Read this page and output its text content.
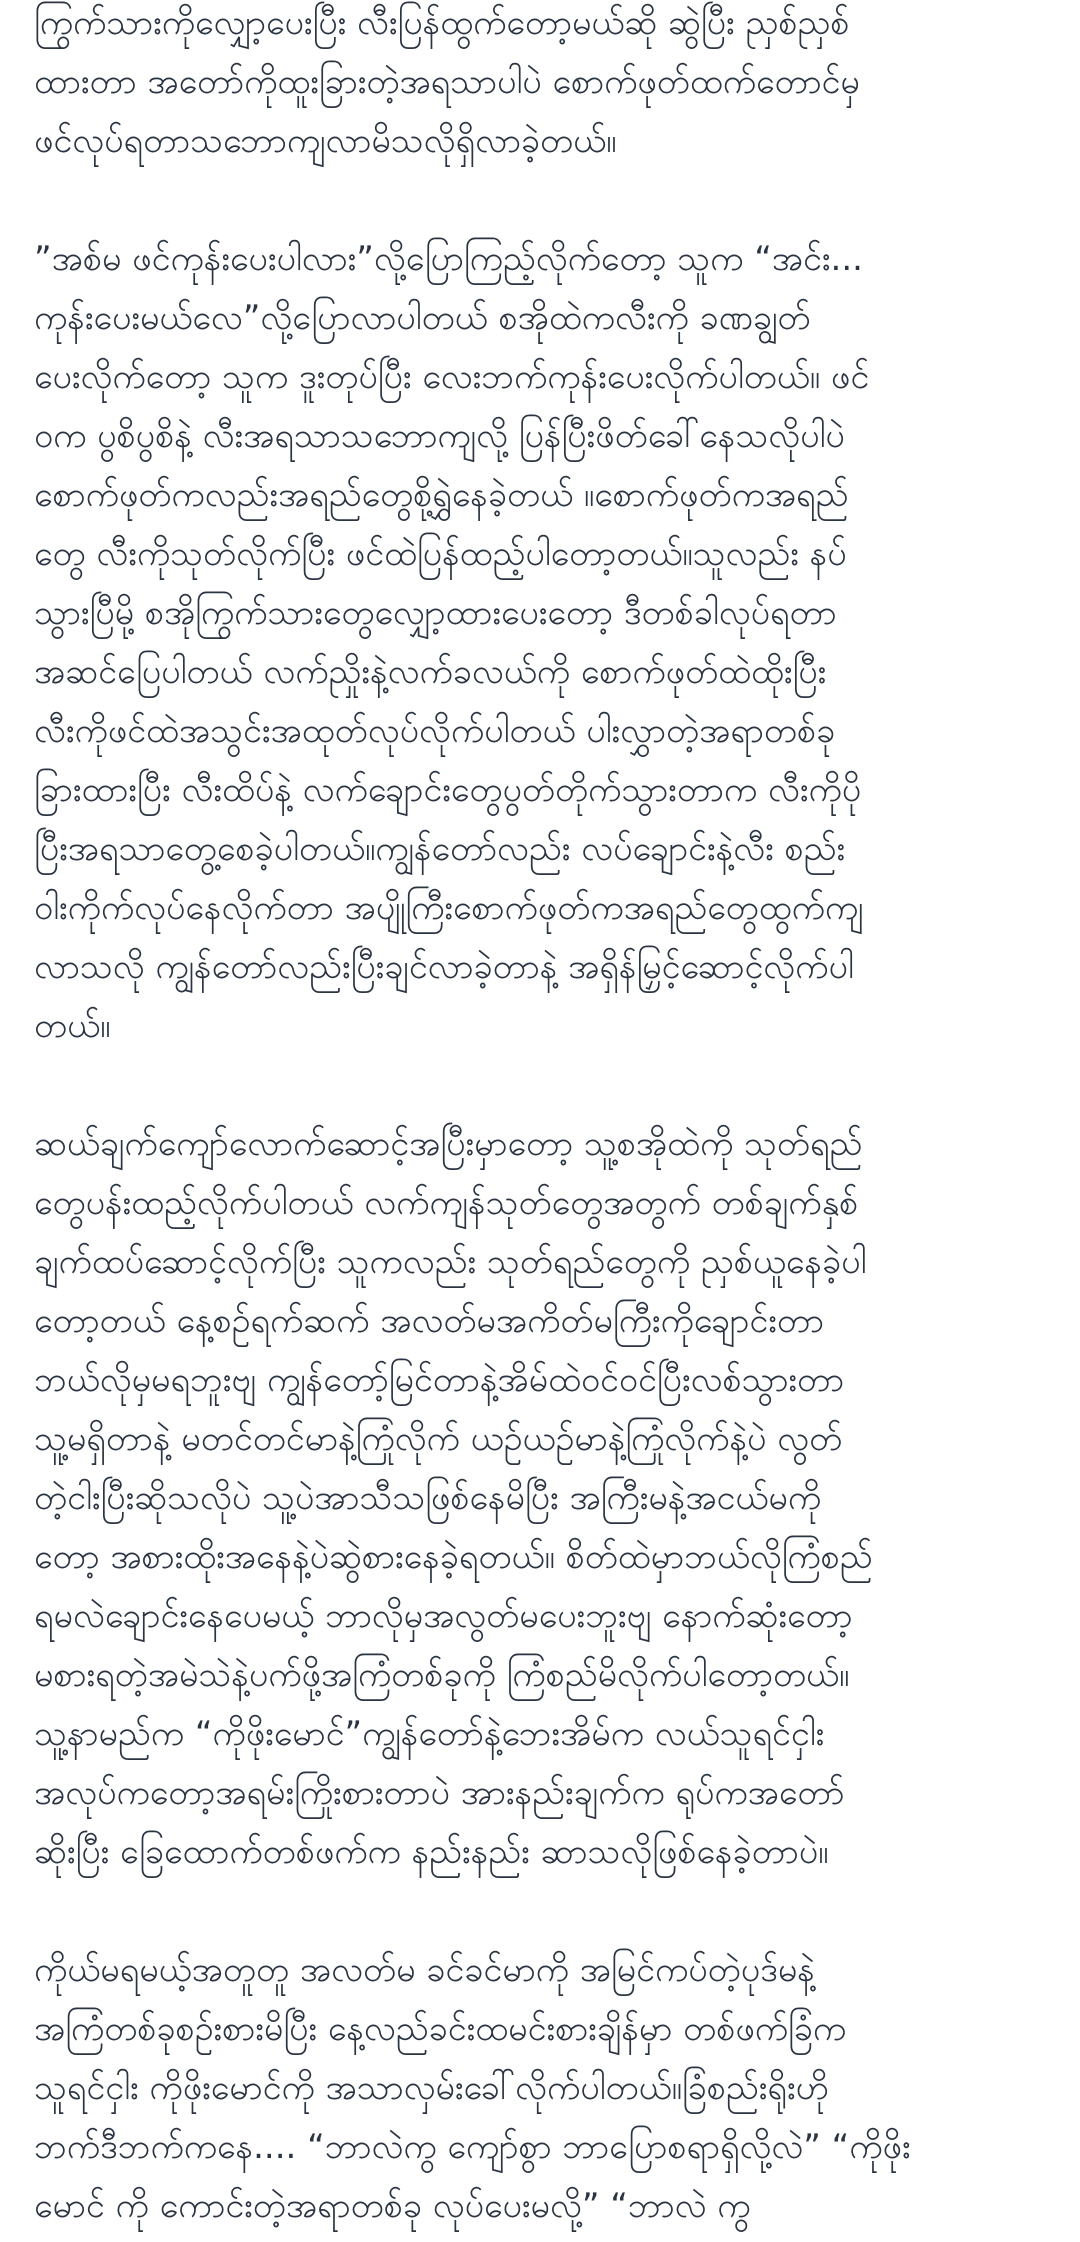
ကြွက်သားကိုလျှော့ပေးပြီး လီးပြန်ထွက်တော့မယ်ဆို ဆွဲပြီး ညှစ်ညှစ်
ထားတာ အတော်ကိုထူးခြားတဲ့အရသာပါပဲ စောက်ဖုတ်ထက်တောင်မှ
ဖင်လုပ်ရတာသဘောကျလာမိသလိုရှိလာခဲ့တယ်။
”အစ်မ ဖင်ကုန်းပေးပါလား”လို့ပြောကြည့်လိုက်တော့ သူက “အင်း...
ကုန်းပေးမယ်လေ”လို့ပြောလာပါတယ် စအိုထဲကလီးကို ခဏချွတ်
ပေးလိုက်တော့ သူက ဒူးတုပ်ပြီး လေးဘက်ကုန်းပေးလိုက်ပါတယ်။ ဖင်
ဝက ပွစိပွစိနဲ့ လီးအရသာသဘောကျလို့ ပြန်ပြီးဖိတ်ခေါ်နေသလိုပါပဲ
စောက်ဖုတ်ကလည်းအရည်တွေစို့ရွှဲနေခဲ့တယ် ။စောက်ဖုတ်ကအရည်
တွေ လီးကိုသုတ်လိုက်ပြီး ဖင်ထဲပြန်ထည့်ပါတော့တယ်။သူလည်း နပ်
သွားပြီမို့ စအိုကြွက်သားတွေလျှော့ထားပေးတော့ ဒီတစ်ခါလုပ်ရတာ
အဆင်ပြေပါတယ် လက်ညှိုးနဲ့လက်ခလယ်ကို စောက်ဖုတ်ထဲထိုးပြီး
လီးကိုဖင်ထဲအသွင်းအထုတ်လုပ်လိုက်ပါတယ် ပါးလွှာတဲ့အရာတစ်ခု
ခြားထားပြီး လီးထိပ်နဲ့ လက်ချောင်းတွေပွတ်တိုက်သွားတာက လီးကိုပို
ပြီးအရသာတွေ့စေခဲ့ပါတယ်။ကျွန်တော်လည်း လပ်ချောင်းနဲ့လီး စည်း
ဝါးကိုက်လုပ်နေလိုက်တာ အပျိုကြီးစောက်ဖုတ်ကအရည်တွေထွက်ကျ
လာသလို ကျွန်တော်လည်းပြီးချင်လာခဲ့တာနဲ့ အရှိန်မြှင့်ဆောင့်လိုက်ပါ
တယ်။
ဆယ်ချက်ကျော်လောက်ဆောင့်အပြီးမှာတော့ သူ့စအိုထဲကို သုတ်ရည်
တွေပန်းထည့်လိုက်ပါတယ် လက်ကျန်သုတ်တွေအတွက် တစ်ချက်နှစ်
ချက်ထပ်ဆောင့်လိုက်ပြီး သူကလည်း သုတ်ရည်တွေကို ညှစ်ယူနေခဲ့ပါ
တော့တယ် နေ့စဉ်ရက်ဆက် အလတ်မအကိတ်မကြီးကိုချောင်းတာ
ဘယ်လိုမှမရဘူးဗျ ကျွန်တော့်မြင်တာနဲ့အိမ်ထဲဝင်ဝင်ပြီးလစ်သွားတာ
သူ့မရှိတာနဲ့ မတင်တင်မာနဲ့ကြုံလိုက် ယဉ်ယဉ်မာနဲ့ကြုံလိုက်နဲ့ပဲ လွတ်
တဲ့ငါးပြီးဆိုသလိုပဲ သူ့ပဲအာသီသဖြစ်နေမိပြီး အကြီးမနဲ့အငယ်မကို
တော့ အစားထိုးအနေနဲ့ပဲဆွဲစားနေခဲ့ရတယ်။ စိတ်ထဲမှာဘယ်လိုကြံစည်
ရမလဲချောင်းနေပေမယ့် ဘာလိုမှအလွတ်မပေးဘူးဗျ နောက်ဆုံးတော့
မစားရတဲ့အမဲသဲနဲ့ပက်ဖို့အကြံတစ်ခုကို ကြံစည်မိလိုက်ပါတော့တယ်။
သူ့နာမည်က “ကိုဖိုးမောင်”ကျွန်တော်နဲ့ဘေးအိမ်က လယ်သူရင်ငှါး
အလုပ်ကတော့အရမ်းကြိုးစားတာပဲ အားနည်းချက်က ရုပ်ကအတော်
ဆိုးပြီး ခြေထောက်တစ်ဖက်က နည်းနည်း ဆာသလိုဖြစ်နေခဲ့တာပဲ။
ကိုယ်မရမယ့်အတူတူ အလတ်မ ခင်ခင်မာကို အမြင်ကပ်တဲ့ပုဒ်မနဲ့
အကြံတစ်ခုစဉ်းစားမိပြီး နေ့လည်ခင်းထမင်းစားချိန်မှာ တစ်ဖက်ခြံက
သူရင်ငှါး ကိုဖိုးမောင်ကို အသာလှမ်းခေါ်လိုက်ပါတယ်။ခြံစည်းရိုးဟို
ဘက်ဒီဘက်ကနေ.... “ဘာလဲကွ ကျော်စွာ ဘာပြောစရာရှိလို့လဲ” “ကိုဖိုး
မောင် ကို ကောင်းတဲ့အရာတစ်ခု လုပ်ပေးမလို့” “ဘာလဲ ကွ
